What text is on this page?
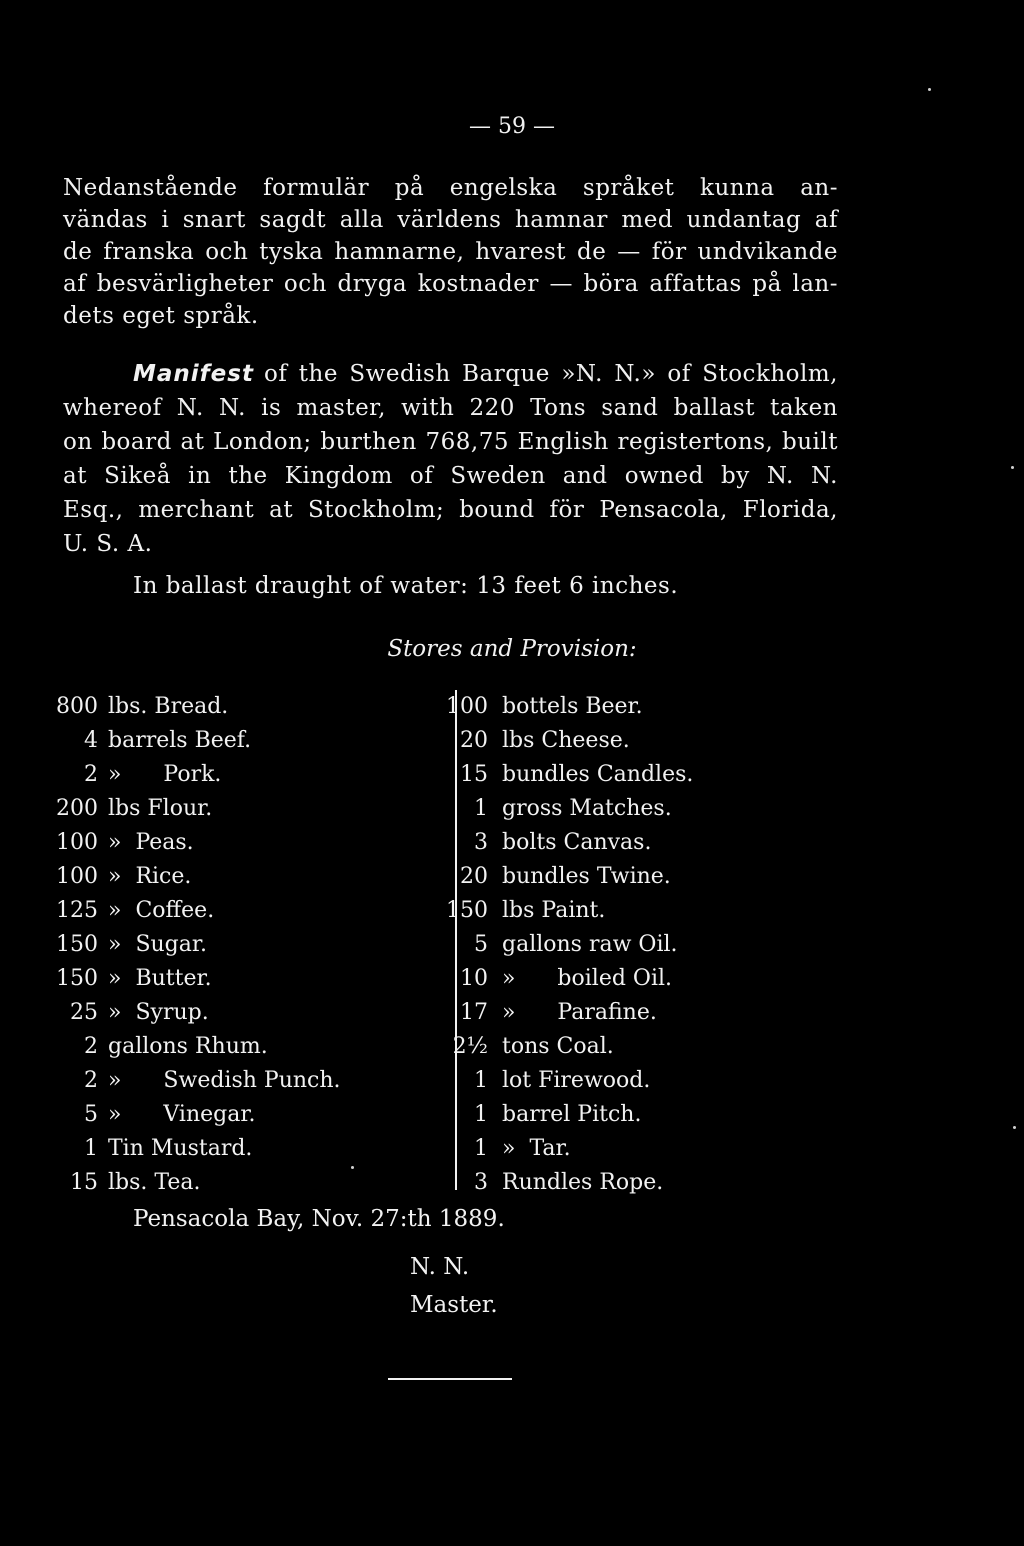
— 59 —
Nedanstående formulär på engelska språket kunna an-
vändas i snart sagdt alla världens hamnar med undantag af
de franska och tyska hamnarne, hvarest de — för undvikande
af besvärligheter och dryga kostnader — böra affattas på lan-
dets eget språk.
Manifest of the Swedish Barque »N. N.» of Stockholm,
whereof N. N. is master, with 220 Tons sand ballast taken
on board at London; burthen 768,75 English registertons, built
at Sikeå in the Kingdom of Sweden and owned by N. N.
Esq., merchant at Stockholm; bound för Pensacola, Florida,
U. S. A.
In ballast draught of water: 13 feet 6 inches.
Stores and Provision:
800 lbs. Bread.
4 barrels Beef.
2 »      Pork.
200 lbs Flour.
100 »  Peas.
100 »  Rice.
125 »  Coffee.
150 »  Sugar.
150 »  Butter.
25 »  Syrup.
2 gallons Rhum.
2 »      Swedish Punch.
5 »      Vinegar.
1 Tin Mustard.
15 lbs. Tea.
100 bottels Beer.
20 lbs Cheese.
15 bundles Candles.
1 gross Matches.
3 bolts Canvas.
20 bundles Twine.
150 lbs Paint.
5 gallons raw Oil.
10 »      boiled Oil.
17 »      Parafine.
2½ tons Coal.
1 lot Firewood.
1 barrel Pitch.
1 »  Tar.
3 Rundles Rope.
Pensacola Bay, Nov. 27:th 1889.
N. N.
Master.
